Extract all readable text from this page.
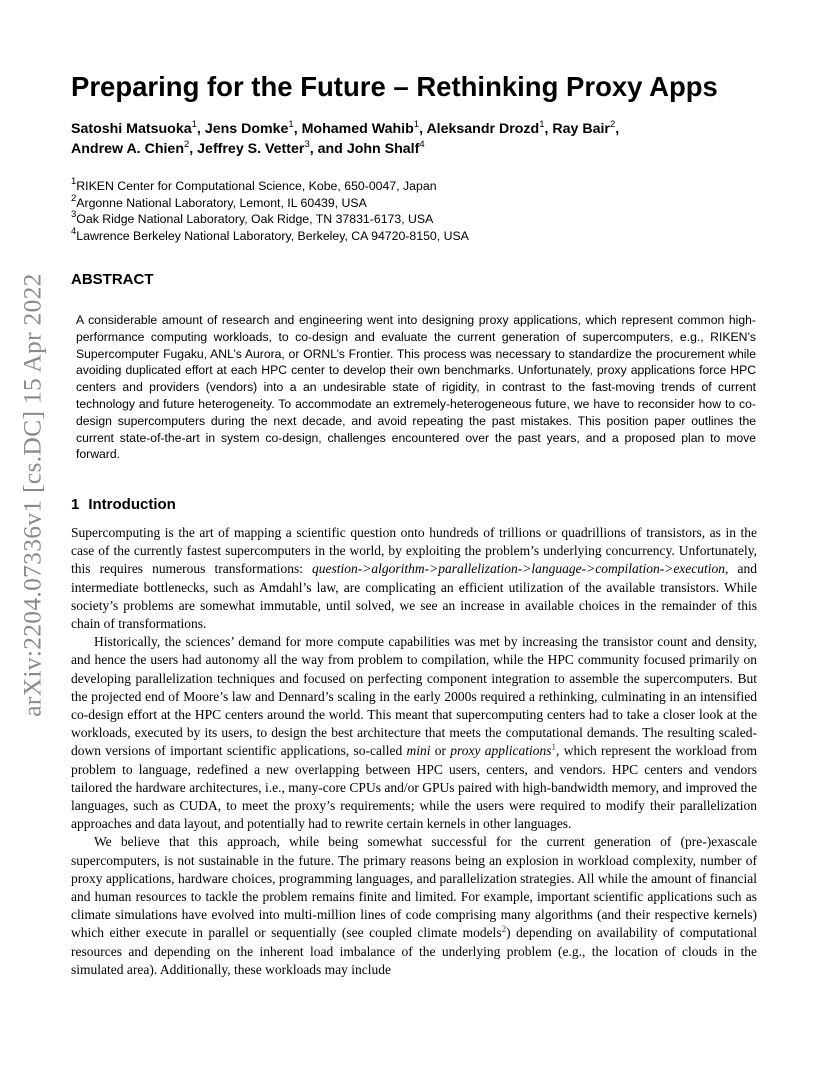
arXiv:2204.07336v1 [cs.DC] 15 Apr 2022
Preparing for the Future – Rethinking Proxy Apps
Satoshi Matsuoka$^1$, Jens Domke$^1$, Mohamed Wahib$^1$, Aleksandr Drozd$^1$, Ray Bair$^2$,
Andrew A. Chien$^2$, Jeffrey S. Vetter$^3$, and John Shalf$^4$
$^1$RIKEN Center for Computational Science, Kobe, 650-0047, Japan
$^2$Argonne National Laboratory, Lemont, IL 60439, USA
$^3$Oak Ridge National Laboratory, Oak Ridge, TN 37831-6173, USA
$^4$Lawrence Berkeley National Laboratory, Berkeley, CA 94720-8150, USA
ABSTRACT

A considerable amount of research and engineering went into designing proxy applications, which represent common high-performance computing workloads, to co-design and evaluate the current generation of supercomputers, e.g., RIKEN’s Supercomputer Fugaku, ANL’s Aurora, or ORNL’s Frontier. This process was necessary to standardize the procurement while avoiding duplicated effort at each HPC center to develop their own benchmarks. Unfortunately, proxy applications force HPC centers and providers (vendors) into a an undesirable state of rigidity, in contrast to the fast-moving trends of current technology and future heterogeneity. To accommodate an extremely-heterogeneous future, we have to reconsider how to co-design supercomputers during the next decade, and avoid repeating the past mistakes. This position paper outlines the current state-of-the-art in system co-design, challenges encountered over the past years, and a proposed plan to move forward.

1 Introduction

Supercomputing is the art of mapping a scientific question onto hundreds of trillions or quadrillions of transistors, as in the case of the currently fastest supercomputers in the world, by exploiting the problem’s underlying concurrency. Unfortunately, this requires numerous transformations: question->algorithm->parallelization->language->compilation->execution, and intermediate bottlenecks, such as Amdahl’s law, are complicating an efficient utilization of the available transistors. While society’s problems are somewhat immutable, until solved, we see an increase in available choices in the remainder of this chain of transformations.

Historically, the sciences’ demand for more compute capabilities was met by increasing the transistor count and density, and hence the users had autonomy all the way from problem to compilation, while the HPC community focused primarily on developing parallelization techniques and focused on perfecting component integration to assemble the supercomputers. But the projected end of Moore’s law and Dennard’s scaling in the early 2000s required a rethinking, culminating in an intensified co-design effort at the HPC centers around the world. This meant that supercomputing centers had to take a closer look at the workloads, executed by its users, to design the best architecture that meets the computational demands. The resulting scaled-down versions of important scientific applications, so-called mini or proxy applications$^1$, which represent the workload from problem to language, redefined a new overlapping between HPC users, centers, and vendors. HPC centers and vendors tailored the hardware architectures, i.e., many-core CPUs and/or GPUs paired with high-bandwidth memory, and improved the languages, such as CUDA, to meet the proxy’s requirements; while the users were required to modify their parallelization approaches and data layout, and potentially had to rewrite certain kernels in other languages.

We believe that this approach, while being somewhat successful for the current generation of (pre-)exascale supercomputers, is not sustainable in the future. The primary reasons being an explosion in workload complexity, number of proxy applications, hardware choices, programming languages, and parallelization strategies. All while the amount of financial and human resources to tackle the problem remains finite and limited. For example, important scientific applications such as climate simulations have evolved into multi-million lines of code comprising many algorithms (and their respective kernels) which either execute in parallel or sequentially (see coupled climate models$^2$) depending on availability of computational resources and depending on the inherent load imbalance of the underlying problem (e.g., the location of clouds in the simulated area). Additionally, these workloads may include
